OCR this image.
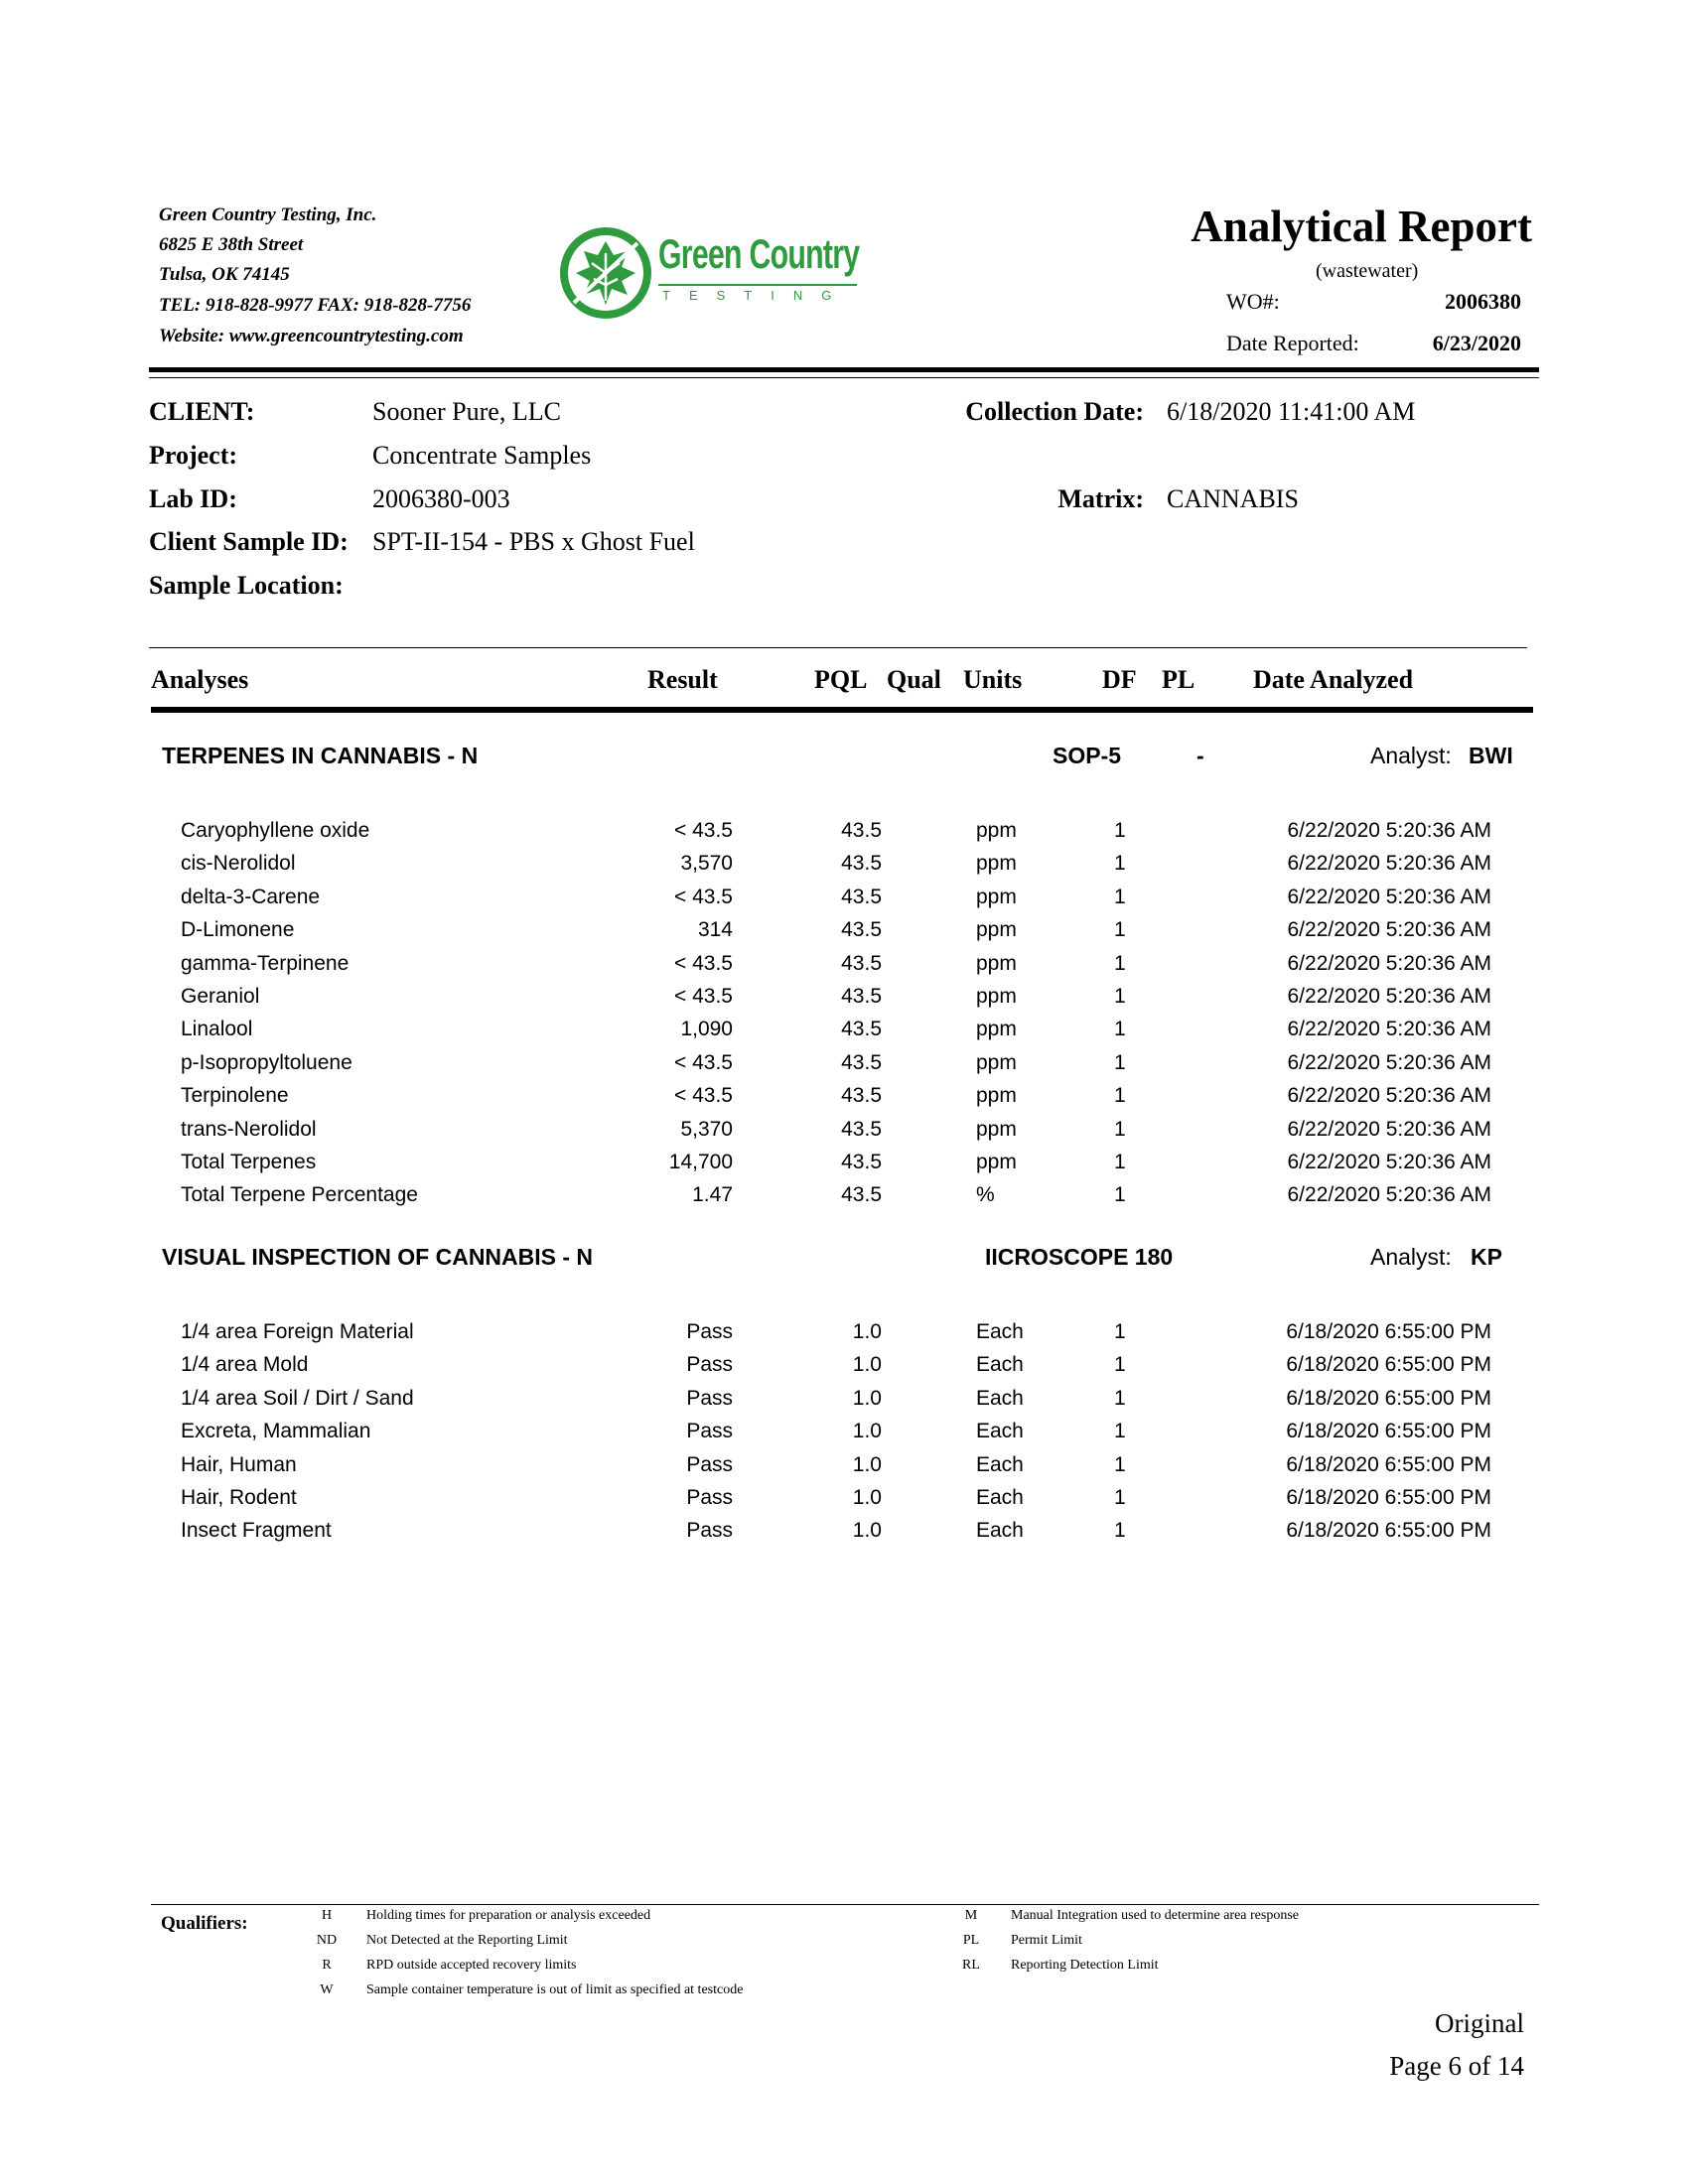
Green Country Testing, Inc.
6825 E 38th Street
Tulsa, OK 74145
TEL: 918-828-9977 FAX: 918-828-7756
Website: www.greencountrytesting.com
Green Country
TESTING
Analytical Report
(wastewater)
WO#:	2006380
Date Reported:	6/23/2020
CLIENT:	Sooner Pure, LLC
Project:	Concentrate Samples
Lab ID:	2006380-003
Client Sample ID: SPT-II-154 - PBS x Ghost Fuel
Sample Location:
Collection Date: 6/18/2020 11:41:00 AM
Matrix: CANNABIS
Analyses	Result	PQL Qual Units	DF PL Date Analyzed
TERPENES IN CANNABIS - N	SOP-5	-	Analyst: BWI
Caryophyllene oxide	< 43.5	43.5	ppm	1	6/22/2020 5:20:36 AM
cis-Nerolidol	3,570	43.5	ppm	1	6/22/2020 5:20:36 AM
delta-3-Carene	< 43.5	43.5	ppm	1	6/22/2020 5:20:36 AM
D-Limonene	314	43.5	ppm	1	6/22/2020 5:20:36 AM
gamma-Terpinene	< 43.5	43.5	ppm	1	6/22/2020 5:20:36 AM
Geraniol	< 43.5	43.5	ppm	1	6/22/2020 5:20:36 AM
Linalool	1,090	43.5	ppm	1	6/22/2020 5:20:36 AM
p-Isopropyltoluene	< 43.5	43.5	ppm	1	6/22/2020 5:20:36 AM
Terpinolene	< 43.5	43.5	ppm	1	6/22/2020 5:20:36 AM
trans-Nerolidol	5,370	43.5	ppm	1	6/22/2020 5:20:36 AM
Total Terpenes	14,700	43.5	ppm	1	6/22/2020 5:20:36 AM
Total Terpene Percentage	1.47	43.5	%	1	6/22/2020 5:20:36 AM
VISUAL INSPECTION OF CANNABIS - N	IICROSCOPE 180	Analyst: KP
1/4 area Foreign Material	Pass	1.0	Each	1	6/18/2020 6:55:00 PM
1/4 area Mold	Pass	1.0	Each	1	6/18/2020 6:55:00 PM
1/4 area Soil / Dirt / Sand	Pass	1.0	Each	1	6/18/2020 6:55:00 PM
Excreta, Mammalian	Pass	1.0	Each	1	6/18/2020 6:55:00 PM
Hair, Human	Pass	1.0	Each	1	6/18/2020 6:55:00 PM
Hair, Rodent	Pass	1.0	Each	1	6/18/2020 6:55:00 PM
Insect Fragment	Pass	1.0	Each	1	6/18/2020 6:55:00 PM
Qualifiers:	H	Holding times for preparation or analysis exceeded
ND	Not Detected at the Reporting Limit
R	RPD outside accepted recovery limits
W	Sample container temperature is out of limit as specified at testcode
M	Manual Integration used to determine area response
PL	Permit Limit
RL	Reporting Detection Limit
Original
Page 6 of 14
